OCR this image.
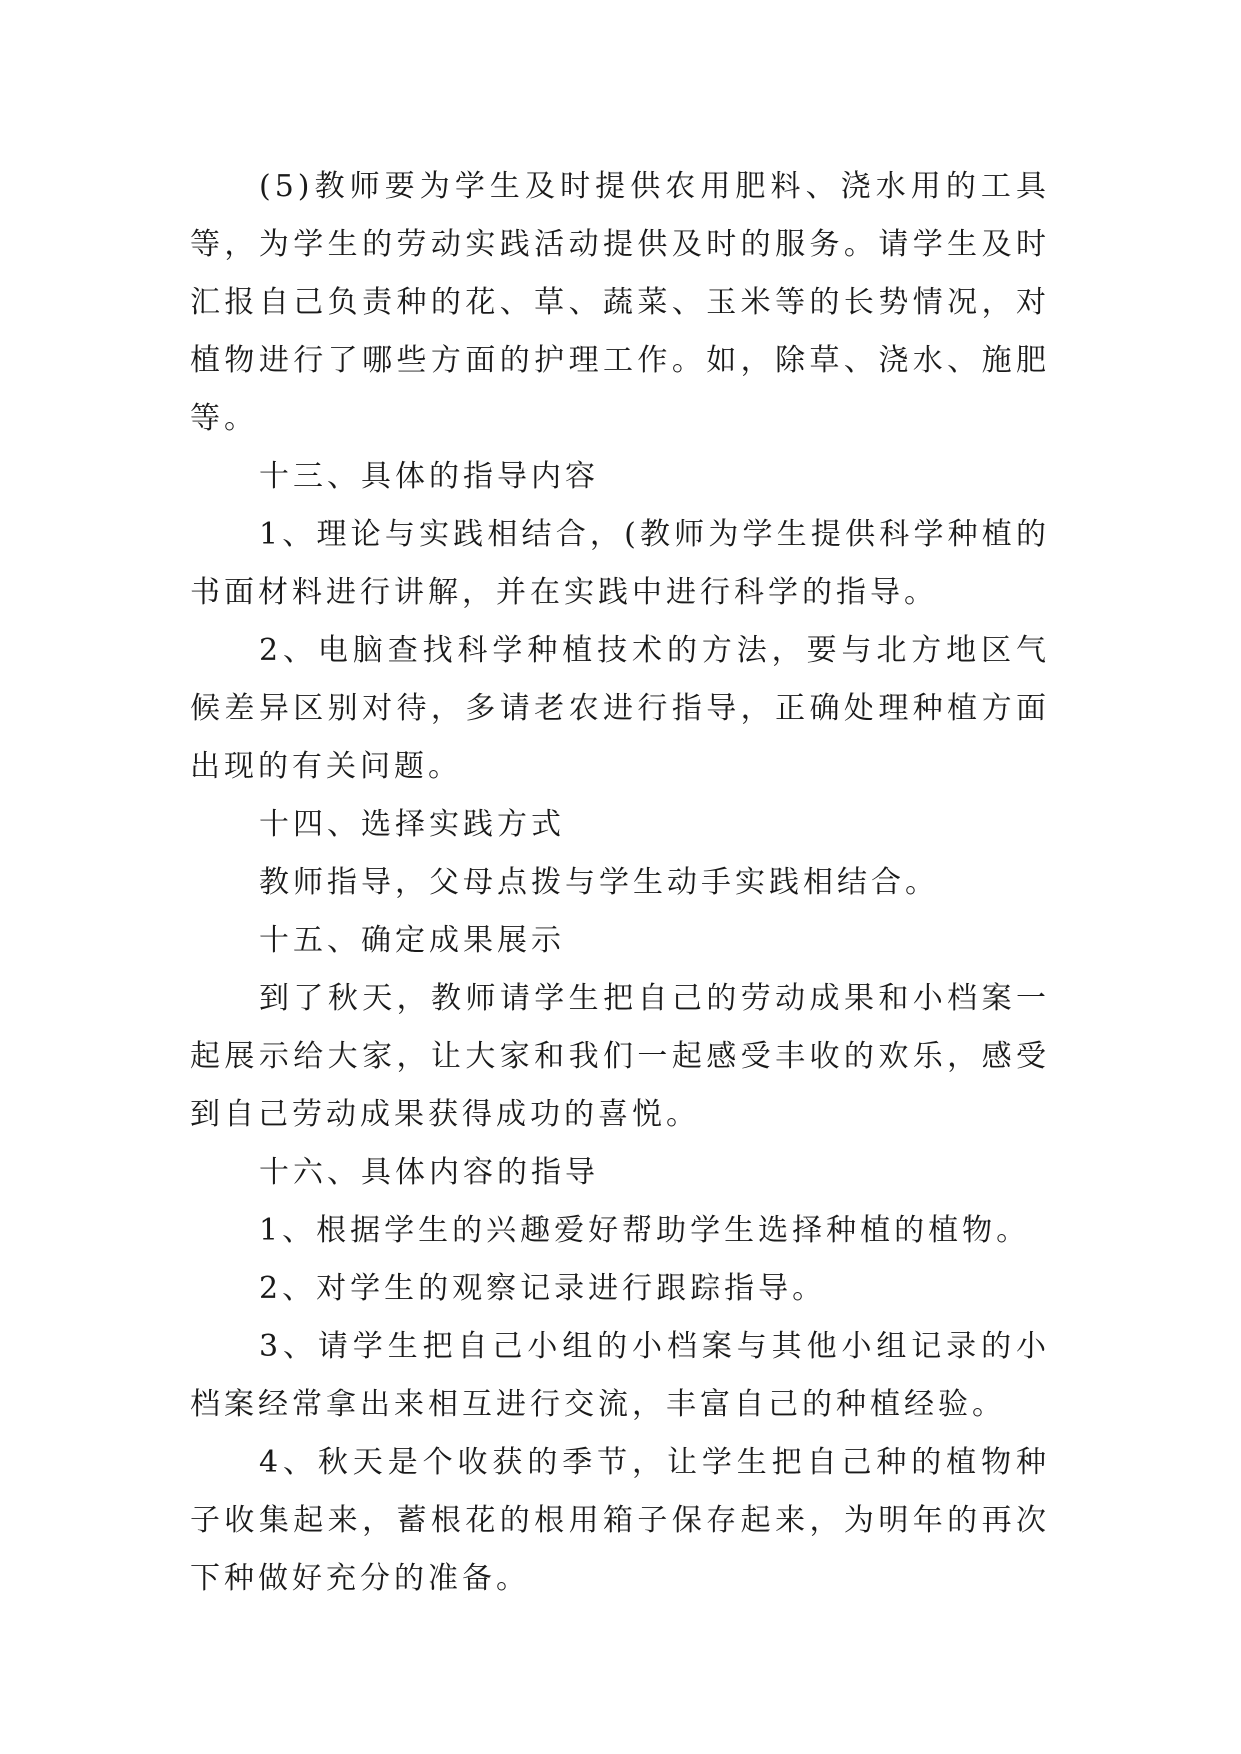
(5)教师要为学生及时提供农用肥料、浇水用的工具等，为学生的劳动实践活动提供及时的服务。请学生及时汇报自己负责种的花、草、蔬菜、玉米等的长势情况，对植物进行了哪些方面的护理工作。如，除草、浇水、施肥等。

十三、具体的指导内容

1、理论与实践相结合，(教师为学生提供科学种植的书面材料进行讲解，并在实践中进行科学的指导。

2、电脑查找科学种植技术的方法，要与北方地区气候差异区别对待，多请老农进行指导，正确处理种植方面出现的有关问题。

十四、选择实践方式

教师指导，父母点拨与学生动手实践相结合。

十五、确定成果展示

到了秋天，教师请学生把自己的劳动成果和小档案一起展示给大家，让大家和我们一起感受丰收的欢乐，感受到自己劳动成果获得成功的喜悦。

十六、具体内容的指导

1、根据学生的兴趣爱好帮助学生选择种植的植物。

2、对学生的观察记录进行跟踪指导。

3、请学生把自己小组的小档案与其他小组记录的小档案经常拿出来相互进行交流，丰富自己的种植经验。

4、秋天是个收获的季节，让学生把自己种的植物种子收集起来，蓄根花的根用箱子保存起来，为明年的再次下种做好充分的准备。
